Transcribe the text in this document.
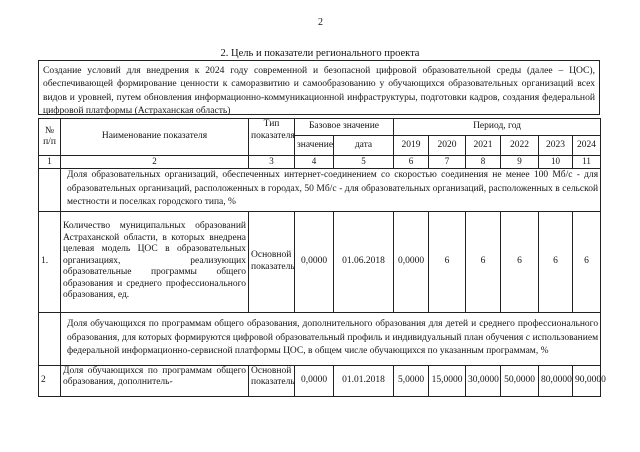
2
2. Цель и показатели регионального проекта
Создание условий для внедрения к 2024 году современной и безопасной цифровой образовательной среды (далее – ЦОС), обеспечивающей формирование ценности к саморазвитию и самообразованию у обучающихся образовательных организаций всех видов и уровней, путем обновления информационно-коммуникационной инфраструктуры, подготовки кадров, создания федеральной цифровой платформы (Астраханская область)
№ п/п	Наименование показателя	Тип показателя	Базовое значение		Период, год					
			значение	дата	2019	2020	2021	2022	2023	2024
1	2	3	4	5	6	7	8	9	10	11
	Доля образовательных организаций, обеспеченных интернет-соединением со скоростью соединения не менее 100 Мб/c - для образовательных организаций, расположенных в городах, 50 Мб/c - для образовательных организаций, расположенных в сельской местности и поселках городского типа, %									
1.	Количество муниципальных образований Астраханской области, в которых внедрена целевая модель ЦОС в образовательных организациях, реализующих образовательные программы общего образования и среднего профессионального образования, ед.	Основной показатель	0,0000	01.06.2018	0,0000	6	6	6	6	6
	Доля обучающихся по программам общего образования, дополнительного образования для детей и среднего профессионального образования, для которых формируются цифровой образовательный профиль и индивидуальный план обучения с использованием федеральной информационно-сервисной платформы ЦОС, в общем числе обучающихся по указанным программам, %									
2	Доля обучающихся по программам общего образования, дополнитель-	Основной показатель	0,0000	01.01.2018	5,0000	15,0000	30,0000	50,0000	80,0000	90,0000
